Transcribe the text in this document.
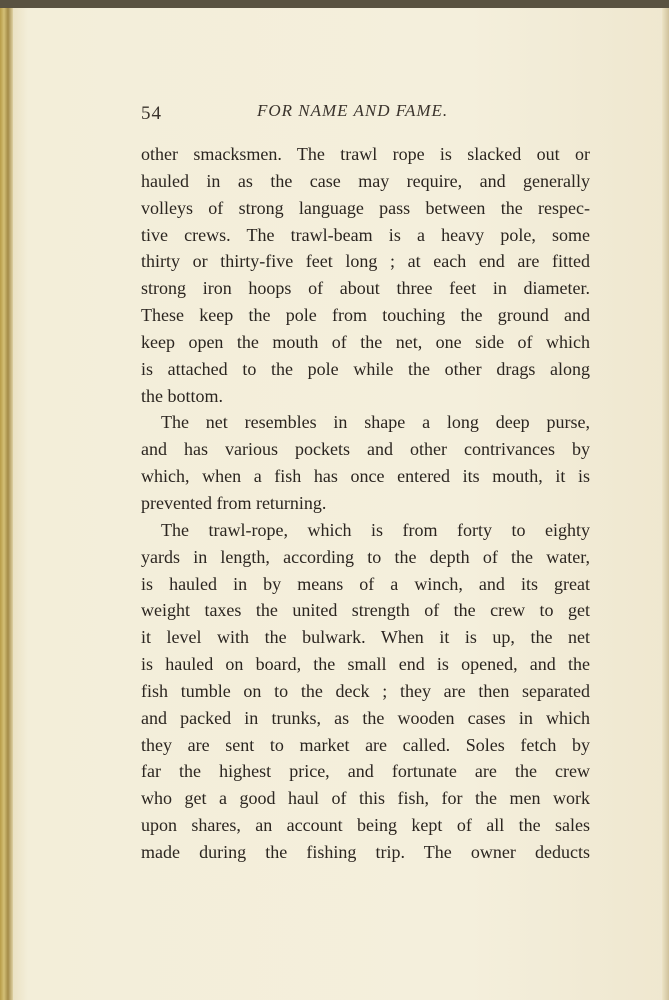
54	FOR NAME AND FAME.
other smacksmen. The trawl rope is slacked out or
hauled in as the case may require, and generally
volleys of strong language pass between the respec-
tive crews. The trawl-beam is a heavy pole, some
thirty or thirty-five feet long ; at each end are fitted
strong iron hoops of about three feet in diameter.
These keep the pole from touching the ground and
keep open the mouth of the net, one side of which
is attached to the pole while the other drags along
the bottom.
The net resembles in shape a long deep purse,
and has various pockets and other contrivances by
which, when a fish has once entered its mouth, it is
prevented from returning.
The trawl-rope, which is from forty to eighty
yards in length, according to the depth of the water,
is hauled in by means of a winch, and its great
weight taxes the united strength of the crew to get
it level with the bulwark. When it is up, the net
is hauled on board, the small end is opened, and the
fish tumble on to the deck ; they are then separated
and packed in trunks, as the wooden cases in which
they are sent to market are called. Soles fetch by
far the highest price, and fortunate are the crew
who get a good haul of this fish, for the men work
upon shares, an account being kept of all the sales
made during the fishing trip. The owner deducts
